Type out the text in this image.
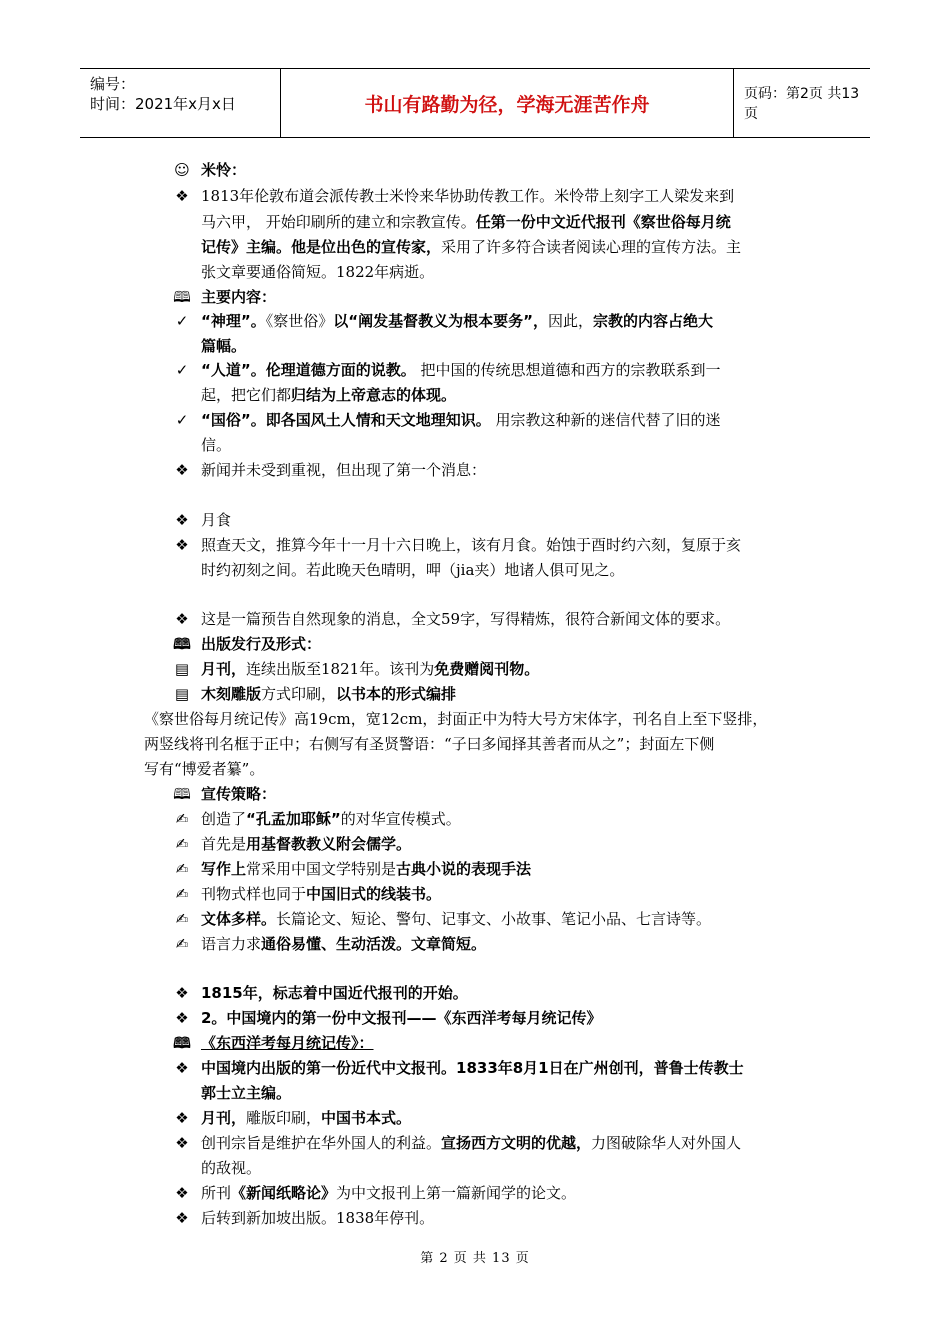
编号：
时间：2021年x月x日	书山有路勤为径，学海无涯苦作舟	页码：第2页 共13页
☺ 米怜：
❖ 1813年伦敦布道会派传教士米怜来华协助传教工作。米怜带上刻字工人梁发来到
马六甲， 开始印刷所的建立和宗教宣传。任第一份中文近代报刊《察世俗每月统
记传》主编。他是位出色的宣传家，采用了许多符合读者阅读心理的宣传方法。主
张文章要通俗简短。1822年病逝。
🕮 主要内容：
✓ “神理”。《察世俗》以“阐发基督教义为根本要务”，因此，宗教的内容占绝大
篇幅。
✓ “人道”。伦理道德方面的说教。 把中国的传统思想道德和西方的宗教联系到一
起，把它们都归结为上帝意志的体现。
✓ “国俗”。即各国风土人情和天文地理知识。 用宗教这种新的迷信代替了旧的迷
信。
❖ 新闻并未受到重视，但出现了第一个消息：
❖ 月食
❖ 照查天文，推算今年十一月十六日晚上，该有月食。始蚀于酉时约六刻，复原于亥
时约初刻之间。若此晚天色晴明，呷（jia夹）地诸人俱可见之。
❖ 这是一篇预告自然现象的消息，全文59字，写得精炼，很符合新闻文体的要求。
🕮 出版发行及形式：
▤ 月刊，连续出版至1821年。该刊为免费赠阅刊物。
▤ 木刻雕版方式印刷，以书本的形式编排
《察世俗每月统记传》高19cm，宽12cm，封面正中为特大号方宋体字，刊名自上至下竖排，
两竖线将刊名框于正中；右侧写有圣贤警语：“子曰多闻择其善者而从之”；封面左下侧
写有“博爱者纂”。
🕮 宣传策略：
✍ 创造了“孔孟加耶稣”的对华宣传模式。
✍ 首先是用基督教教义附会儒学。
✍ 写作上常采用中国文学特别是古典小说的表现手法
✍ 刊物式样也同于中国旧式的线装书。
✍ 文体多样。长篇论文、短论、警句、记事文、小故事、笔记小品、七言诗等。
✍ 语言力求通俗易懂、生动活泼。文章简短。
❖ 1815年，标志着中国近代报刊的开始。
❖ 2。中国境内的第一份中文报刊——《东西洋考每月统记传》
🕮 《东西洋考每月统记传》：
❖ 中国境内出版的第一份近代中文报刊。1833年8月1日在广州创刊，普鲁士传教士
郭士立主编。
❖ 月刊，雕版印刷，中国书本式。
❖ 创刊宗旨是维护在华外国人的利益。宣扬西方文明的优越，力图破除华人对外国人
的敌视。
❖ 所刊《新闻纸略论》为中文报刊上第一篇新闻学的论文。
❖ 后转到新加坡出版。1838年停刊。
第 2 页 共 13 页
